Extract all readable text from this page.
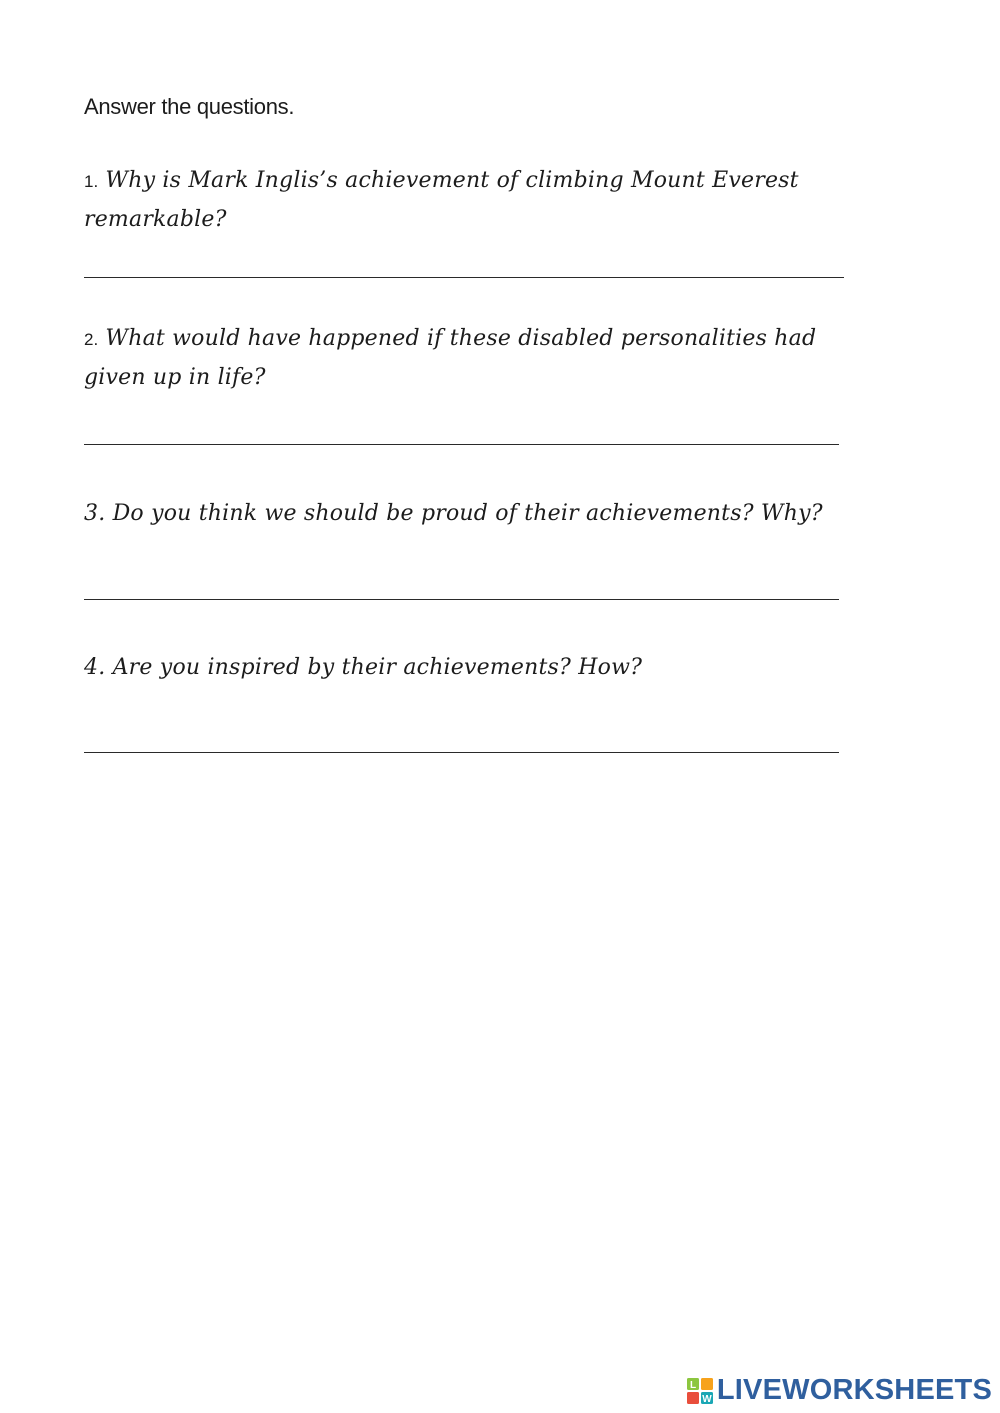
Answer the questions.
1. Why is Mark Inglis’s achievement of climbing Mount Everest remarkable?
2. What would have happened if these disabled personalities had given up in life?
3. Do you think we should be proud of their achievements? Why?
4. Are you inspired by their achievements? How?
L
W LIVEWORKSHEETS
